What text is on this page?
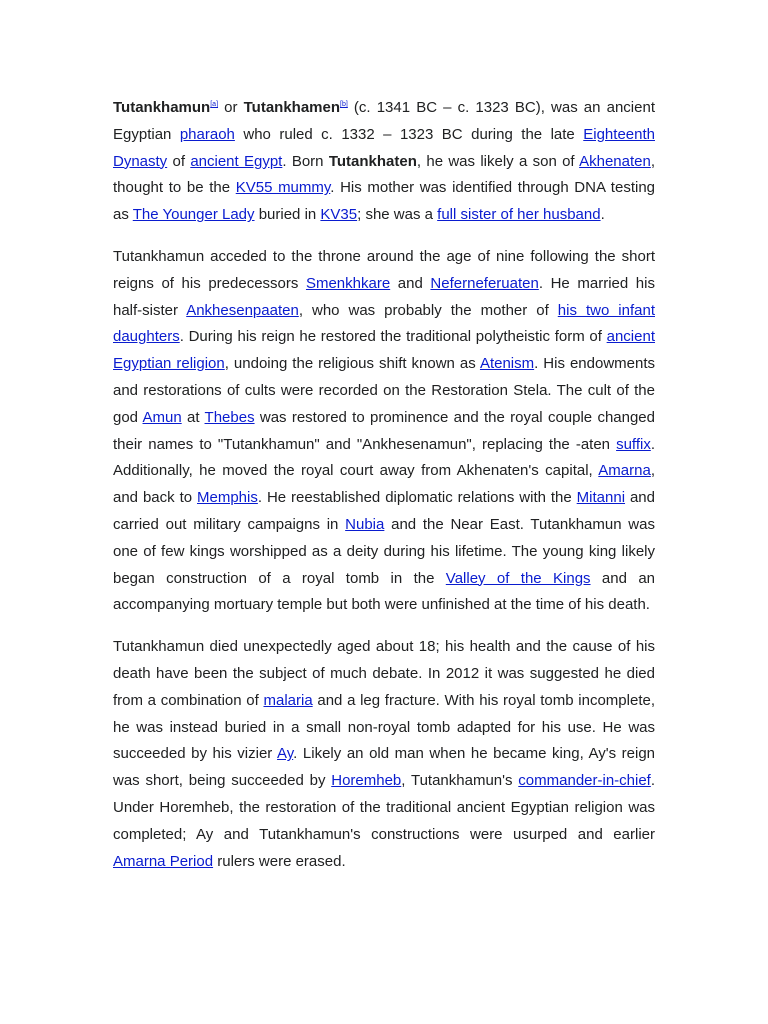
Tutankhamun[a] or Tutankhamen[b] (c. 1341 BC – c. 1323 BC), was an ancient Egyptian pharaoh who ruled c. 1332 – 1323 BC during the late Eighteenth Dynasty of ancient Egypt. Born Tutankhaten, he was likely a son of Akhenaten, thought to be the KV55 mummy. His mother was identified through DNA testing as The Younger Lady buried in KV35; she was a full sister of her husband.

Tutankhamun acceded to the throne around the age of nine following the short reigns of his predecessors Smenkhkare and Neferneferuaten. He married his half-sister Ankhesenpaaten, who was probably the mother of his two infant daughters. During his reign he restored the traditional polytheistic form of ancient Egyptian religion, undoing the religious shift known as Atenism. His endowments and restorations of cults were recorded on the Restoration Stela. The cult of the god Amun at Thebes was restored to prominence and the royal couple changed their names to "Tutankhamun" and "Ankhesenamun", replacing the -aten suffix. Additionally, he moved the royal court away from Akhenaten's capital, Amarna, and back to Memphis. He reestablished diplomatic relations with the Mitanni and carried out military campaigns in Nubia and the Near East. Tutankhamun was one of few kings worshipped as a deity during his lifetime. The young king likely began construction of a royal tomb in the Valley of the Kings and an accompanying mortuary temple but both were unfinished at the time of his death.

Tutankhamun died unexpectedly aged about 18; his health and the cause of his death have been the subject of much debate. In 2012 it was suggested he died from a combination of malaria and a leg fracture. With his royal tomb incomplete, he was instead buried in a small non-royal tomb adapted for his use. He was succeeded by his vizier Ay. Likely an old man when he became king, Ay's reign was short, being succeeded by Horemheb, Tutankhamun's commander-in-chief. Under Horemheb, the restoration of the traditional ancient Egyptian religion was completed; Ay and Tutankhamun's constructions were usurped and earlier Amarna Period rulers were erased.
